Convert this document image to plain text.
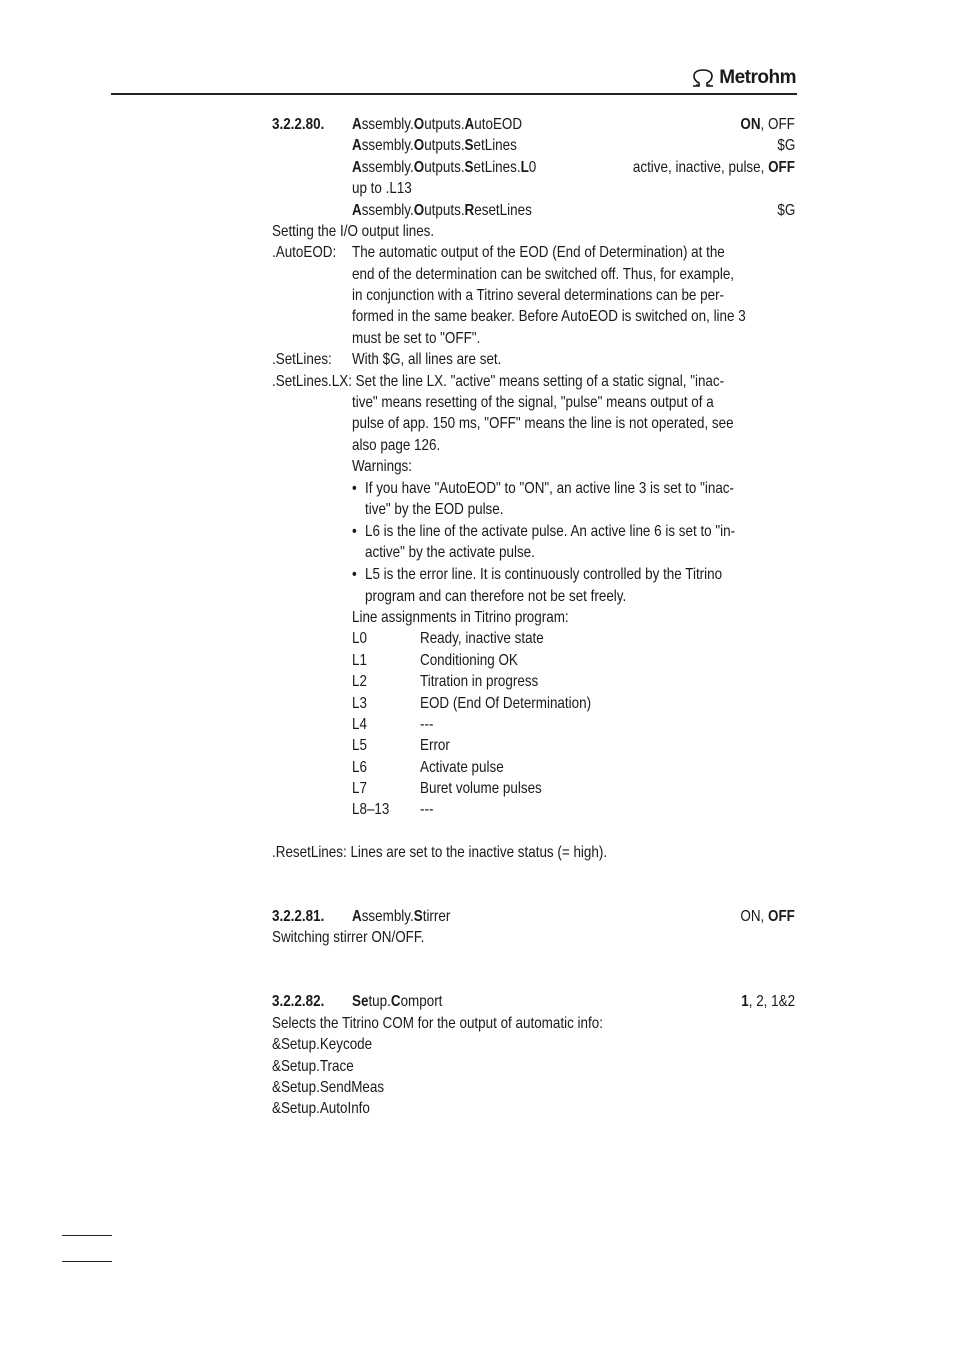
Metrohm
3.2.2.80. Assembly.Outputs.AutoEOD	ON, OFF
Assembly.Outputs.SetLines	$G
Assembly.Outputs.SetLines.L0	active, inactive, pulse, OFF
up to .L13
Assembly.Outputs.ResetLines	$G
Setting the I/O output lines.
.AutoEOD: The automatic output of the EOD (End of Determination) at the
end of the determination can be switched off. Thus, for example,
in conjunction with a Titrino several determinations can be per-
formed in the same beaker. Before AutoEOD is switched on, line 3
must be set to "OFF".
.SetLines: With $G, all lines are set.
.SetLines.LX: Set the line LX. "active" means setting of a static signal, "inac-
tive" means resetting of the signal, "pulse" means output of a
pulse of app. 150 ms, "OFF" means the line is not operated, see
also page 126.
Warnings:
• If you have "AutoEOD" to "ON", an active line 3 is set to "inac-
tive" by the EOD pulse.
• L6 is the line of the activate pulse. An active line 6 is set to "in-
active" by the activate pulse.
• L5 is the error line. It is continuously controlled by the Titrino
program and can therefore not be set freely.
Line assignments in Titrino program:
L0	Ready, inactive state
L1	Conditioning OK
L2	Titration in progress
L3	EOD (End Of Determination)
L4	---
L5	Error
L6	Activate pulse
L7	Buret volume pulses
L8–13 ---
.ResetLines: Lines are set to the inactive status (= high).
3.2.2.81. Assembly.Stirrer	ON, OFF
Switching stirrer ON/OFF.
3.2.2.82. Setup.Comport	1, 2, 1&2
Selects the Titrino COM for the output of automatic info:
&Setup.Keycode
&Setup.Trace
&Setup.SendMeas
&Setup.AutoInfo
